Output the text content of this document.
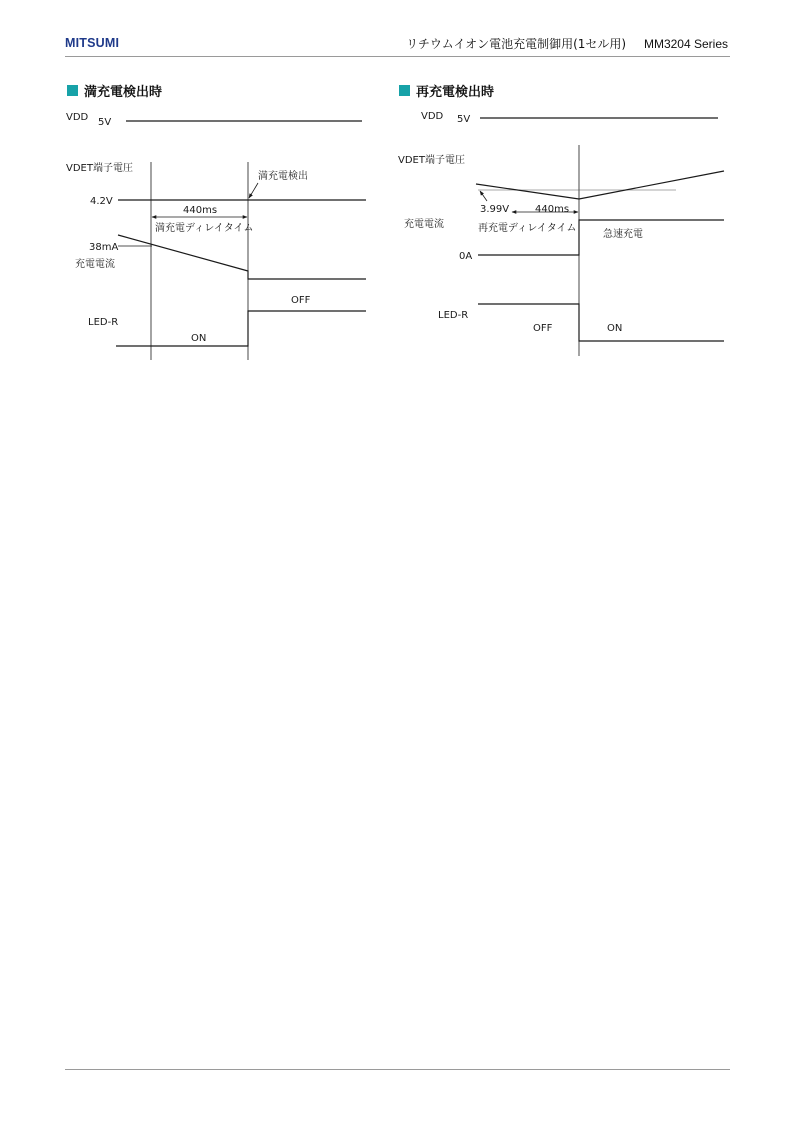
MITSUMI	リチウムイオン電池充電制御用(1セル用) MM3204 Series
満充電検出時	再充電検出時
VDD 5V
VDET端子電圧
4.2V
満充電検出
440ms
満充電ディレイタイム
38mA
充電電流
OFF
LED-R
ON
VDD 5V
VDET端子電圧
3.99V	440ms
充電電流	再充電ディレイタイム
急速充電
0A
LED-R
OFF	ON
